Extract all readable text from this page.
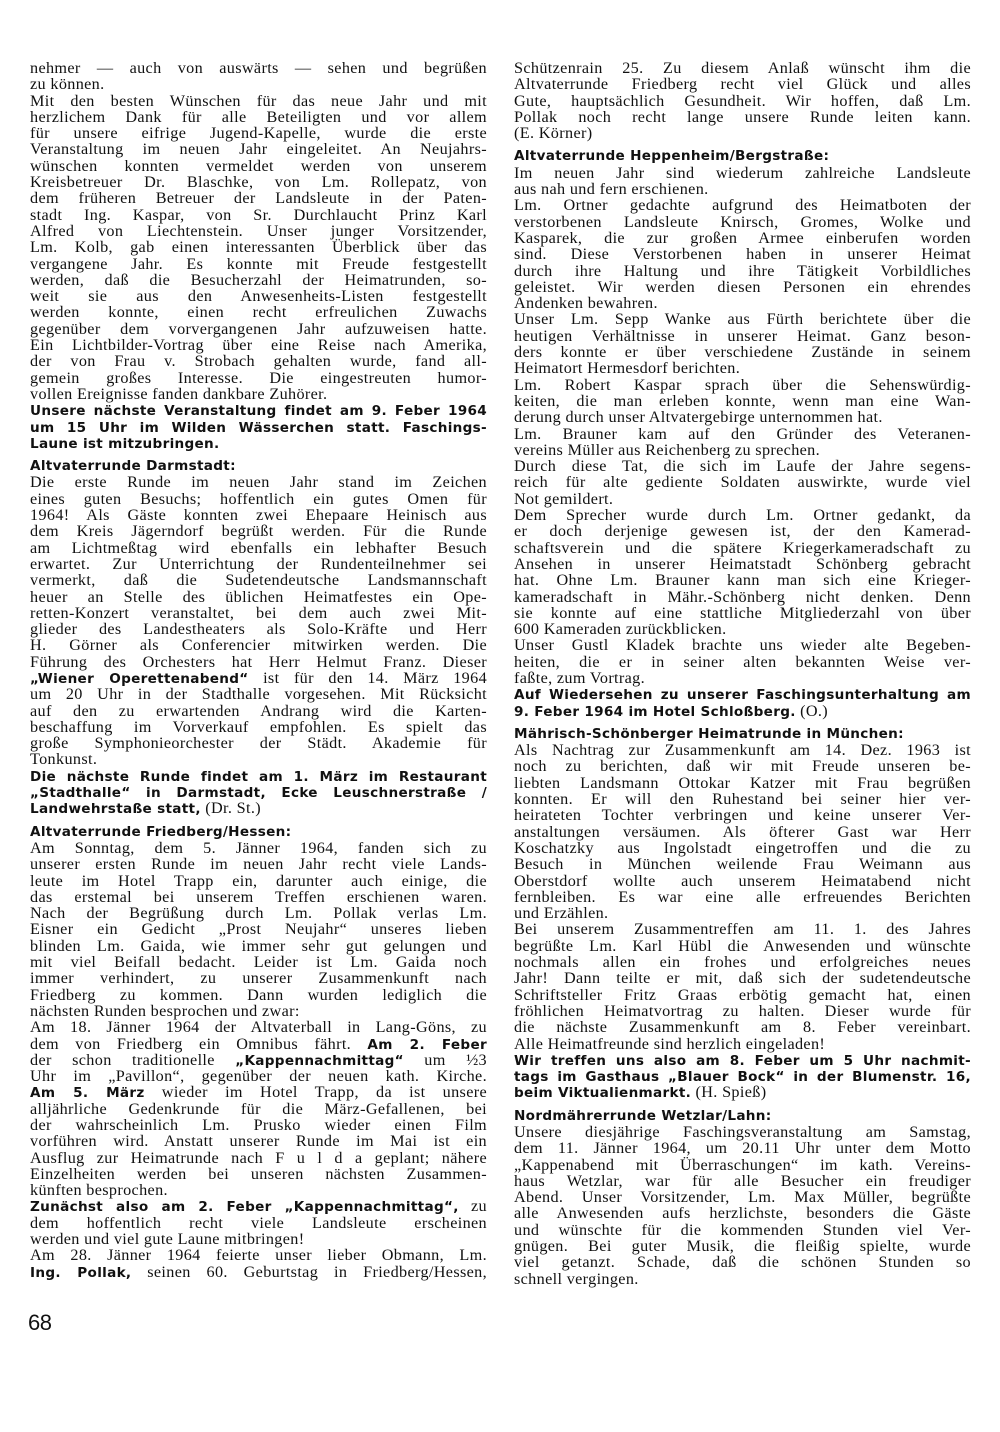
nehmer — auch von auswärts — sehen und begrüßen
zu können.
Mit den besten Wünschen für das neue Jahr und mit
herzlichem Dank für alle Beteiligten und vor allem
für unsere eifrige Jugend-Kapelle, wurde die erste
Veranstaltung im neuen Jahr eingeleitet. An Neujahrs-
wünschen konnten vermeldet werden von unserem
Kreisbetreuer Dr. Blaschke, von Lm. Rollepatz, von
dem früheren Betreuer der Landsleute in der Paten-
stadt Ing. Kaspar, von Sr. Durchlaucht Prinz Karl
Alfred von Liechtenstein. Unser junger Vorsitzender,
Lm. Kolb, gab einen interessanten Überblick über das
vergangene Jahr. Es konnte mit Freude festgestellt
werden, daß die Besucherzahl der Heimatrunden, so-
weit sie aus den Anwesenheits-Listen festgestellt
werden konnte, einen recht erfreulichen Zuwachs
gegenüber dem vorvergangenen Jahr aufzuweisen hatte.
Ein Lichtbilder-Vortrag über eine Reise nach Amerika,
der von Frau v. Strobach gehalten wurde, fand all-
gemein großes Interesse. Die eingestreuten humor-
vollen Ereignisse fanden dankbare Zuhörer.
Unsere nächste Veranstaltung findet am 9. Feber 1964
um 15 Uhr im Wilden Wässerchen statt. Faschings-
Laune ist mitzubringen.
Altvaterrunde Darmstadt:
Die erste Runde im neuen Jahr stand im Zeichen
eines guten Besuchs; hoffentlich ein gutes Omen für
1964! Als Gäste konnten zwei Ehepaare Heinisch aus
dem Kreis Jägerndorf begrüßt werden. Für die Runde
am Lichtmeßtag wird ebenfalls ein lebhafter Besuch
erwartet. Zur Unterrichtung der Rundenteilnehmer sei
vermerkt, daß die Sudetendeutsche Landsmannschaft
heuer an Stelle des üblichen Heimatfestes ein Ope-
retten-Konzert veranstaltet, bei dem auch zwei Mit-
glieder des Landestheaters als Solo-Kräfte und Herr
H. Görner als Conferencier mitwirken werden. Die
Führung des Orchesters hat Herr Helmut Franz. Dieser
„Wiener Operettenabend“ ist für den 14. März 1964
um 20 Uhr in der Stadthalle vorgesehen. Mit Rücksicht
auf den zu erwartenden Andrang wird die Karten-
beschaffung im Vorverkauf empfohlen. Es spielt das
große Symphonieorchester der Städt. Akademie für
Tonkunst.
Die nächste Runde findet am 1. März im Restaurant
„Stadthalle“ in Darmstadt, Ecke Leuschnerstraße /
Landwehrstaße statt, (Dr. St.)
Altvaterrunde Friedberg/Hessen:
Am Sonntag, dem 5. Jänner 1964, fanden sich zu
unserer ersten Runde im neuen Jahr recht viele Lands-
leute im Hotel Trapp ein, darunter auch einige, die
das erstemal bei unserem Treffen erschienen waren.
Nach der Begrüßung durch Lm. Pollak verlas Lm.
Eisner ein Gedicht „Prost Neujahr“ unseres lieben
blinden Lm. Gaida, wie immer sehr gut gelungen und
mit viel Beifall bedacht. Leider ist Lm. Gaida noch
immer verhindert, zu unserer Zusammenkunft nach
Friedberg zu kommen. Dann wurden lediglich die
nächsten Runden besprochen und zwar:
Am 18. Jänner 1964 der Altvaterball in Lang-Göns, zu
dem von Friedberg ein Omnibus fährt. Am 2. Feber
der schon traditionelle „Kappennachmittag“ um ½3
Uhr im „Pavillon“, gegenüber der neuen kath. Kirche.
Am 5. März wieder im Hotel Trapp, da ist unsere
alljährliche Gedenkrunde für die März-Gefallenen, bei
der wahrscheinlich Lm. Prusko wieder einen Film
vorführen wird. Anstatt unserer Runde im Mai ist ein
Ausflug zur Heimatrunde nach F u l d a geplant; nähere
Einzelheiten werden bei unseren nächsten Zusammen-
künften besprochen.
Zunächst also am 2. Feber „Kappennachmittag“, zu
dem hoffentlich recht viele Landsleute erscheinen
werden und viel gute Laune mitbringen!
Am 28. Jänner 1964 feierte unser lieber Obmann, Lm.
Ing. Pollak, seinen 60. Geburtstag in Friedberg/Hessen,
Schützenrain 25. Zu diesem Anlaß wünscht ihm die
Altvaterrunde Friedberg recht viel Glück und alles
Gute, hauptsächlich Gesundheit. Wir hoffen, daß Lm.
Pollak noch recht lange unsere Runde leiten kann.
(E. Körner)
Altvaterrunde Heppenheim/Bergstraße:
Im neuen Jahr sind wiederum zahlreiche Landsleute
aus nah und fern erschienen.
Lm. Ortner gedachte aufgrund des Heimatboten der
verstorbenen Landsleute Knirsch, Gromes, Wolke und
Kasparek, die zur großen Armee einberufen worden
sind. Diese Verstorbenen haben in unserer Heimat
durch ihre Haltung und ihre Tätigkeit Vorbildliches
geleistet. Wir werden diesen Personen ein ehrendes
Andenken bewahren.
Unser Lm. Sepp Wanke aus Fürth berichtete über die
heutigen Verhältnisse in unserer Heimat. Ganz beson-
ders konnte er über verschiedene Zustände in seinem
Heimatort Hermesdorf berichten.
Lm. Robert Kaspar sprach über die Sehenswürdig-
keiten, die man erleben konnte, wenn man eine Wan-
derung durch unser Altvatergebirge unternommen hat.
Lm. Brauner kam auf den Gründer des Veteranen-
vereins Müller aus Reichenberg zu sprechen.
Durch diese Tat, die sich im Laufe der Jahre segens-
reich für alte gediente Soldaten auswirkte, wurde viel
Not gemildert.
Dem Sprecher wurde durch Lm. Ortner gedankt, da
er doch derjenige gewesen ist, der den Kamerad-
schaftsverein und die spätere Kriegerkameradschaft zu
Ansehen in unserer Heimatstadt Schönberg gebracht
hat. Ohne Lm. Brauner kann man sich eine Krieger-
kameradschaft in Mähr.-Schönberg nicht denken. Denn
sie konnte auf eine stattliche Mitgliederzahl von über
600 Kameraden zurückblicken.
Unser Gustl Kladek brachte uns wieder alte Begeben-
heiten, die er in seiner alten bekannten Weise ver-
faßte, zum Vortrag.
Auf Wiedersehen zu unserer Faschingsunterhaltung am
9. Feber 1964 im Hotel Schloßberg. (O.)
Mährisch-Schönberger Heimatrunde in München:
Als Nachtrag zur Zusammenkunft am 14. Dez. 1963 ist
noch zu berichten, daß wir mit Freude unseren be-
liebten Landsmann Ottokar Katzer mit Frau begrüßen
konnten. Er will den Ruhestand bei seiner hier ver-
heirateten Tochter verbringen und keine unserer Ver-
anstaltungen versäumen. Als öfterer Gast war Herr
Koschatzky aus Ingolstadt eingetroffen und die zu
Besuch in München weilende Frau Weimann aus
Oberstdorf wollte auch unserem Heimatabend nicht
fernbleiben. Es war eine alle erfreuendes Berichten
und Erzählen.
Bei unserem Zusammentreffen am 11. 1. des Jahres
begrüßte Lm. Karl Hübl die Anwesenden und wünschte
nochmals allen ein frohes und erfolgreiches neues
Jahr! Dann teilte er mit, daß sich der sudetendeutsche
Schriftsteller Fritz Graas erbötig gemacht hat, einen
fröhlichen Heimatvortrag zu halten. Dieser wurde für
die nächste Zusammenkunft am 8. Feber vereinbart.
Alle Heimatfreunde sind herzlich eingeladen!
Wir treffen uns also am 8. Feber um 5 Uhr nachmit-
tags im Gasthaus „Blauer Bock“ in der Blumenstr. 16,
beim Viktualienmarkt. (H. Spieß)
Nordmährerrunde Wetzlar/Lahn:
Unsere diesjährige Faschingsveranstaltung am Samstag,
dem 11. Jänner 1964, um 20.11 Uhr unter dem Motto
„Kappenabend mit Überraschungen“ im kath. Vereins-
haus Wetzlar, war für alle Besucher ein freudiger
Abend. Unser Vorsitzender, Lm. Max Müller, begrüßte
alle Anwesenden aufs herzlichste, besonders die Gäste
und wünschte für die kommenden Stunden viel Ver-
gnügen. Bei guter Musik, die fleißig spielte, wurde
viel getanzt. Schade, daß die schönen Stunden so
schnell vergingen.
68
